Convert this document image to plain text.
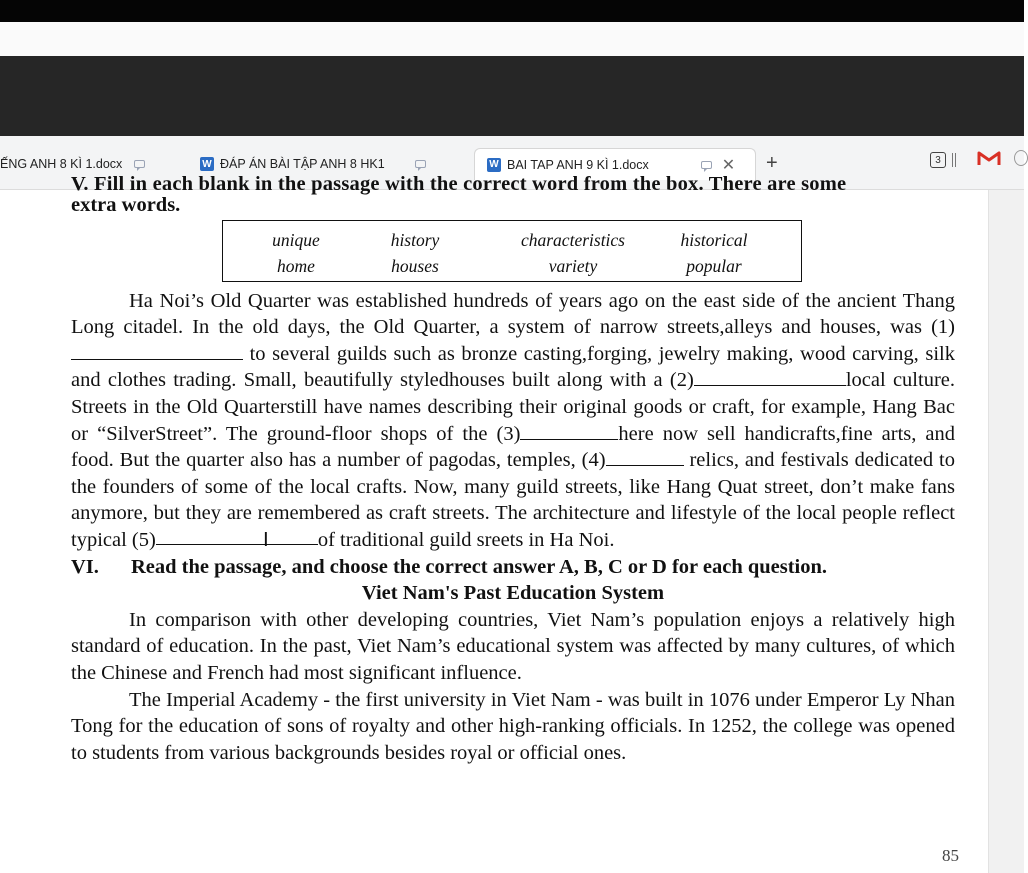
ẾNG ANH 8 KÌ 1.docx	W ĐÁP ÁN BÀI TẬP ANH 8 HK1	W BAI TAP ANH 9 KÌ 1.docx	✕ +	3
V. Fill in each blank in the passage with the correct word from the box. There are some
extra words.
unique	history	characteristics	historical
home	houses	variety	popular
Ha Noi’s Old Quarter was established hundreds of years ago on the east side of the ancient Thang Long citadel. In the old days, the Old Quarter, a system of narrow streets,alleys and houses, was (1) to several guilds such as bronze casting,forging, jewelry making, wood carving, silk and clothes trading. Small, beautifully styledhouses built along with a (2)	local culture. Streets in the Old Quarterstill have names describing their original goods or craft, for example, Hang Bac or “SilverStreet”. The ground-floor shops of the (3)	here now sell handicrafts,fine arts, and food. But the quarter also has a number of pagodas, temples, (4)	relics, and festivals dedicated to the founders of some of the local crafts. Now, many guild streets, like Hang Quat street, don’t make fans anymore, but they are remembered as craft streets. The architecture and lifestyle of the local people reflect typical (5)	I of traditional guild sreets in Ha Noi.
VI.	Read the passage, and choose the correct answer A, B, C or D for each question.
Viet Nam's Past Education System
In comparison with other developing countries, Viet Nam’s population enjoys a relatively high standard of education. In the past, Viet Nam’s educational system was affected by many cultures, of which the Chinese and French had most significant influence.
The Imperial Academy - the first university in Viet Nam - was built in 1076 under Emperor Ly Nhan Tong for the education of sons of royalty and other high-ranking officials. In 1252, the college was opened to students from various backgrounds besides royal or official ones.
85
